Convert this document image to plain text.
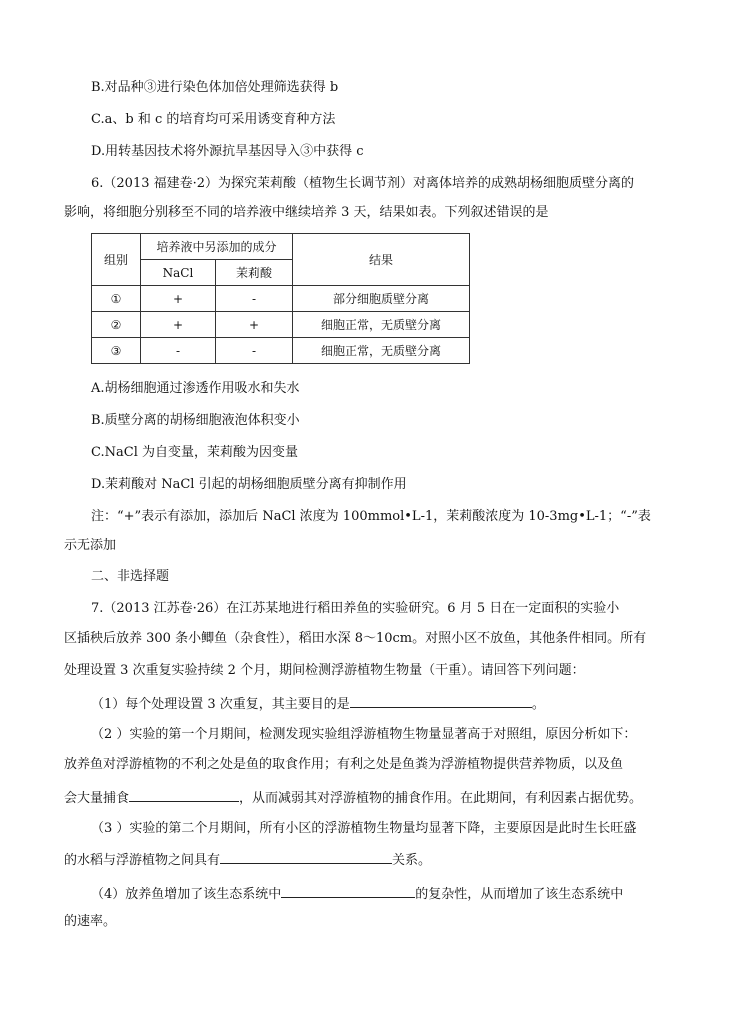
B.对品种③进行染色体加倍处理筛选获得 b
C.a、b 和 c 的培育均可采用诱变育种方法
D.用转基因技术将外源抗旱基因导入③中获得 c
6.（2013 福建卷·2）为探究茉莉酸（植物生长调节剂）对离体培养的成熟胡杨细胞质壁分离的
影响，将细胞分别移至不同的培养液中继续培养 3 天，结果如表。下列叙述错误的是
组别	培养液中另添加的成分		结果
	NaCl	茉莉酸	
①	+	-	部分细胞质壁分离
②	+	+	细胞正常，无质壁分离
③	-	-	细胞正常，无质壁分离
A.胡杨细胞通过渗透作用吸水和失水
B.质壁分离的胡杨细胞液泡体积变小
C.NaCl 为自变量，茉莉酸为因变量
D.茉莉酸对 NaCl 引起的胡杨细胞质壁分离有抑制作用
注：“+”表示有添加，添加后 NaCl 浓度为 100mmol•L-1，茉莉酸浓度为 10-3mg•L-1；“-”表
示无添加
二、非选择题
7.（2013 江苏卷·26）在江苏某地进行稻田养鱼的实验研究。6 月 5 日在一定面积的实验小
区插秧后放养 300 条小鲫鱼（杂食性），稻田水深 8～10cm。对照小区不放鱼，其他条件相同。所有
处理设置 3 次重复实验持续 2 个月，期间检测浮游植物生物量（干重）。请回答下列问题：
（1）每个处理设置 3 次重复，其主要目的是	。
（2 ）实验的第一个月期间，检测发现实验组浮游植物生物量显著高于对照组，原因分析如下：
放养鱼对浮游植物的不利之处是鱼的取食作用；有利之处是鱼粪为浮游植物提供营养物质，以及鱼
会大量捕食	，从而减弱其对浮游植物的捕食作用。在此期间，有利因素占据优势。
（3 ）实验的第二个月期间，所有小区的浮游植物生物量均显著下降，主要原因是此时生长旺盛
的水稻与浮游植物之间具有	关系。
（4）放养鱼增加了该生态系统中	的复杂性，从而增加了该生态系统中
的速率。
